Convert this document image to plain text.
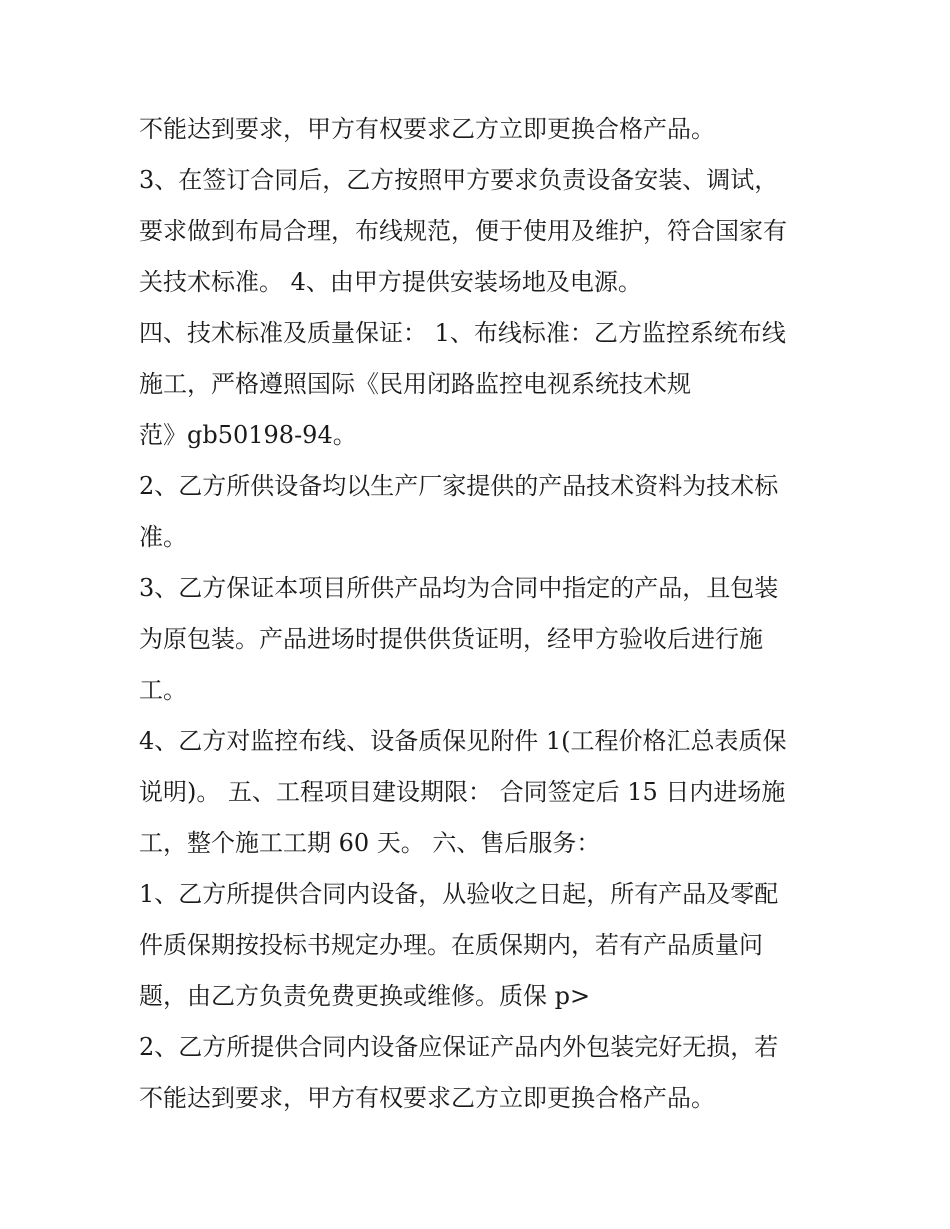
不能达到要求，甲方有权要求乙方立即更换合格产品。
3、在签订合同后，乙方按照甲方要求负责设备安装、调试，
要求做到布局合理，布线规范，便于使用及维护，符合国家有
关技术标准。 4、由甲方提供安装场地及电源。
四、技术标准及质量保证： 1、布线标准：乙方监控系统布线
施工，严格遵照国际《民用闭路监控电视系统技术规
范》gb50198-94。
2、乙方所供设备均以生产厂家提供的产品技术资料为技术标
准。
3、乙方保证本项目所供产品均为合同中指定的产品，且包装
为原包装。产品进场时提供供货证明，经甲方验收后进行施
工。
4、乙方对监控布线、设备质保见附件 1(工程价格汇总表质保
说明)。 五、工程项目建设期限： 合同签定后 15 日内进场施
工，整个施工工期 60 天。 六、售后服务：
1、乙方所提供合同内设备，从验收之日起，所有产品及零配
件质保期按投标书规定办理。在质保期内，若有产品质量问
题，由乙方负责免费更换或维修。质保 p>
2、乙方所提供合同内设备应保证产品内外包装完好无损，若
不能达到要求，甲方有权要求乙方立即更换合格产品。
